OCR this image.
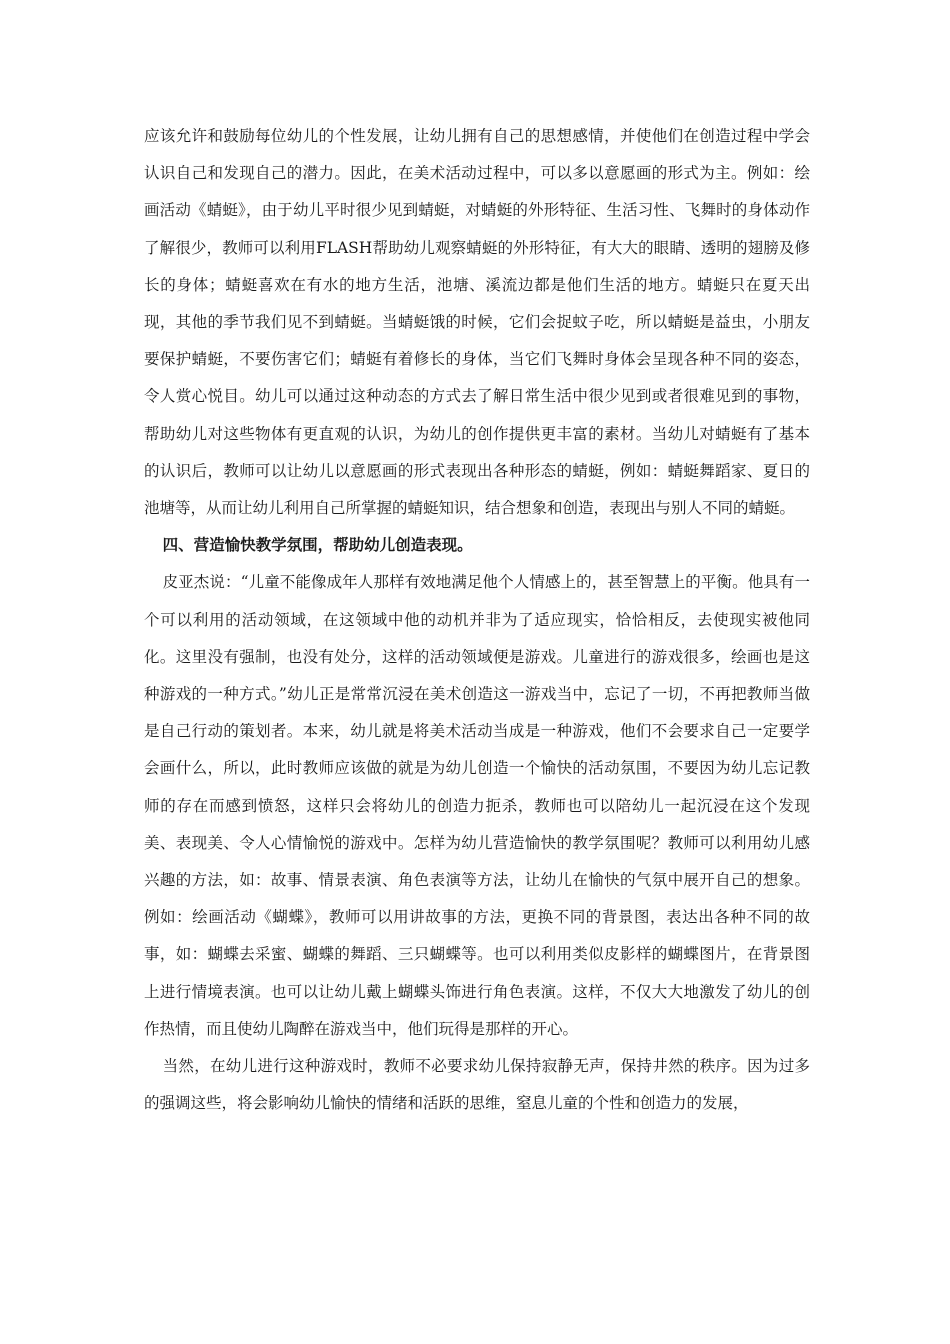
应该允许和鼓励每位幼儿的个性发展，让幼儿拥有自己的思想感情，并使他们在创造过程中学会认识自己和发现自己的潜力。因此，在美术活动过程中，可以多以意愿画的形式为主。例如：绘画活动《蜻蜓》，由于幼儿平时很少见到蜻蜓，对蜻蜓的外形特征、生活习性、飞舞时的身体动作了解很少，教师可以利用FLASH帮助幼儿观察蜻蜓的外形特征，有大大的眼睛、透明的翅膀及修长的身体；蜻蜓喜欢在有水的地方生活，池塘、溪流边都是他们生活的地方。蜻蜓只在夏天出现，其他的季节我们见不到蜻蜓。当蜻蜓饿的时候，它们会捉蚊子吃，所以蜻蜓是益虫，小朋友要保护蜻蜓，不要伤害它们；蜻蜓有着修长的身体，当它们飞舞时身体会呈现各种不同的姿态，令人赏心悦目。幼儿可以通过这种动态的方式去了解日常生活中很少见到或者很难见到的事物，帮助幼儿对这些物体有更直观的认识，为幼儿的创作提供更丰富的素材。当幼儿对蜻蜓有了基本的认识后，教师可以让幼儿以意愿画的形式表现出各种形态的蜻蜓，例如：蜻蜓舞蹈家、夏日的池塘等，从而让幼儿利用自己所掌握的蜻蜓知识，结合想象和创造，表现出与别人不同的蜻蜓。

四、营造愉快教学氛围，帮助幼儿创造表现。

皮亚杰说：“儿童不能像成年人那样有效地满足他个人情感上的，甚至智慧上的平衡。他具有一个可以利用的活动领域，在这领域中他的动机并非为了适应现实，恰恰相反，去使现实被他同化。这里没有强制，也没有处分，这样的活动领域便是游戏。儿童进行的游戏很多，绘画也是这种游戏的一种方式。”幼儿正是常常沉浸在美术创造这一游戏当中，忘记了一切，不再把教师当做是自己行动的策划者。本来，幼儿就是将美术活动当成是一种游戏，他们不会要求自己一定要学会画什么，所以，此时教师应该做的就是为幼儿创造一个愉快的活动氛围，不要因为幼儿忘记教师的存在而感到愤怒，这样只会将幼儿的创造力扼杀，教师也可以陪幼儿一起沉浸在这个发现美、表现美、令人心情愉悦的游戏中。怎样为幼儿营造愉快的教学氛围呢？教师可以利用幼儿感兴趣的方法，如：故事、情景表演、角色表演等方法，让幼儿在愉快的气氛中展开自己的想象。例如：绘画活动《蝴蝶》，教师可以用讲故事的方法，更换不同的背景图，表达出各种不同的故事，如：蝴蝶去采蜜、蝴蝶的舞蹈、三只蝴蝶等。也可以利用类似皮影样的蝴蝶图片，在背景图上进行情境表演。也可以让幼儿戴上蝴蝶头饰进行角色表演。这样，不仅大大地激发了幼儿的创作热情，而且使幼儿陶醉在游戏当中，他们玩得是那样的开心。

当然，在幼儿进行这种游戏时，教师不必要求幼儿保持寂静无声，保持井然的秩序。因为过多的强调这些，将会影响幼儿愉快的情绪和活跃的思维，窒息儿童的个性和创造力的发展，
